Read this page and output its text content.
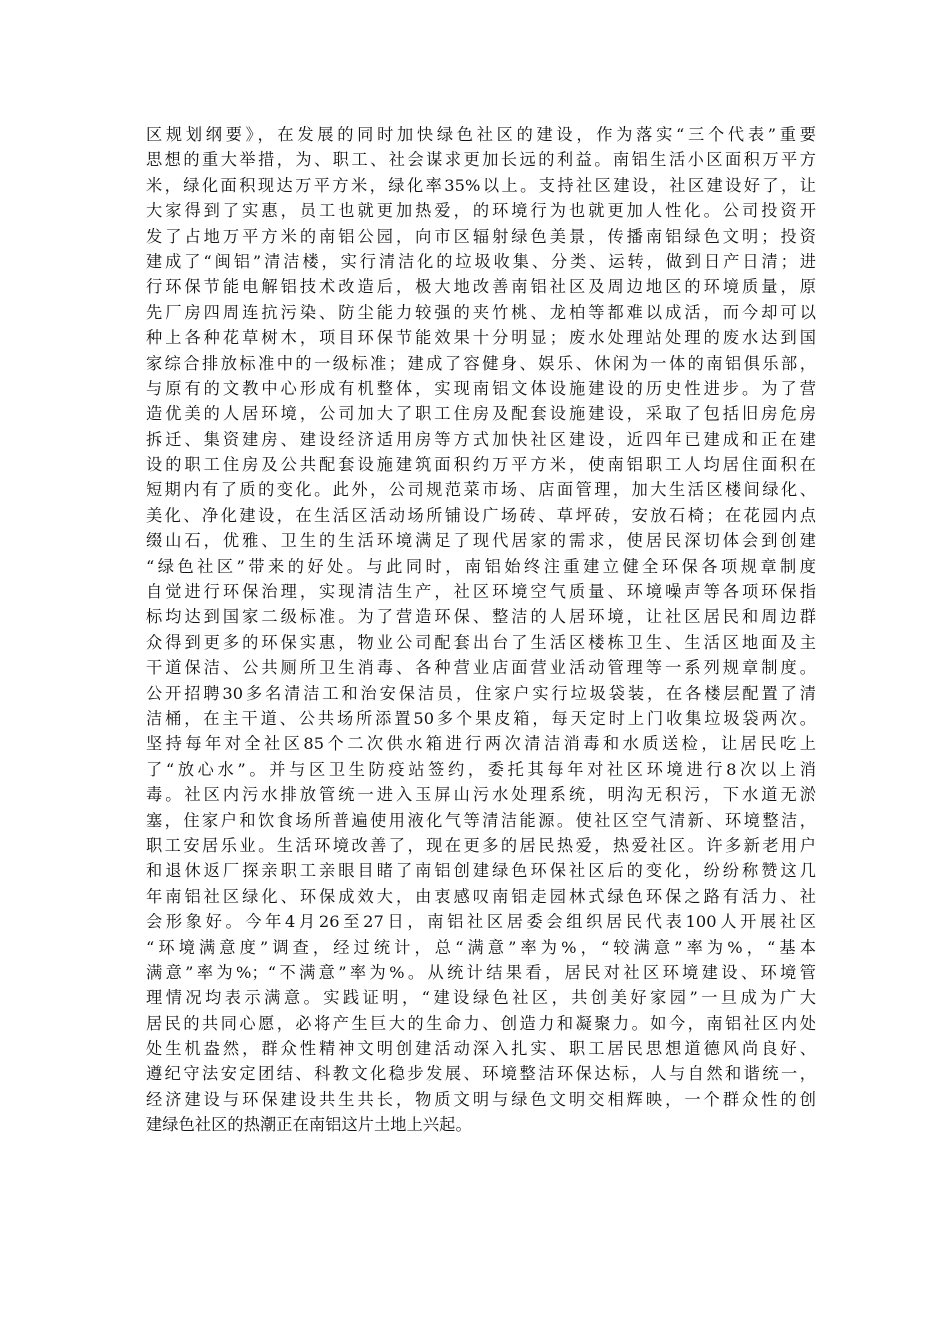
区规划纲要》，在发展的同时加快绿色社区的建设，作为落实“三个代表”重要
思想的重大举措，为、职工、社会谋求更加长远的利益。南铝生活小区面积万平方
米，绿化面积现达万平方米，绿化率35%以上。支持社区建设，社区建设好了，让
大家得到了实惠，员工也就更加热爱，的环境行为也就更加人性化。公司投资开
发了占地万平方米的南铝公园，向市区辐射绿色美景，传播南铝绿色文明；投资
建成了“闽铝”清洁楼，实行清洁化的垃圾收集、分类、运转，做到日产日清；进
行环保节能电解铝技术改造后，极大地改善南铝社区及周边地区的环境质量，原
先厂房四周连抗污染、防尘能力较强的夹竹桃、龙柏等都难以成活，而今却可以
种上各种花草树木，项目环保节能效果十分明显；废水处理站处理的废水达到国
家综合排放标准中的一级标准；建成了容健身、娱乐、休闲为一体的南铝俱乐部，
与原有的文教中心形成有机整体，实现南铝文体设施建设的历史性进步。为了营
造优美的人居环境，公司加大了职工住房及配套设施建设，采取了包括旧房危房
拆迁、集资建房、建设经济适用房等方式加快社区建设，近四年已建成和正在建
设的职工住房及公共配套设施建筑面积约万平方米，使南铝职工人均居住面积在
短期内有了质的变化。此外，公司规范菜市场、店面管理，加大生活区楼间绿化、
美化、净化建设，在生活区活动场所铺设广场砖、草坪砖，安放石椅；在花园内点
缀山石，优雅、卫生的生活环境满足了现代居家的需求，使居民深切体会到创建
“绿色社区”带来的好处。与此同时，南铝始终注重建立健全环保各项规章制度
自觉进行环保治理，实现清洁生产，社区环境空气质量、环境噪声等各项环保指
标均达到国家二级标准。为了营造环保、整洁的人居环境，让社区居民和周边群
众得到更多的环保实惠，物业公司配套出台了生活区楼栋卫生、生活区地面及主
干道保洁、公共厕所卫生消毒、各种营业店面营业活动管理等一系列规章制度。
公开招聘30多名清洁工和治安保洁员，住家户实行垃圾袋装，在各楼层配置了清
洁桶，在主干道、公共场所添置50多个果皮箱，每天定时上门收集垃圾袋两次。
坚持每年对全社区85个二次供水箱进行两次清洁消毒和水质送检，让居民吃上
了“放心水”。并与区卫生防疫站签约，委托其每年对社区环境进行8次以上消
毒。社区内污水排放管统一进入玉屏山污水处理系统，明沟无积污，下水道无淤
塞，住家户和饮食场所普遍使用液化气等清洁能源。使社区空气清新、环境整洁，
职工安居乐业。生活环境改善了，现在更多的居民热爱，热爱社区。许多新老用户
和退休返厂探亲职工亲眼目睹了南铝创建绿色环保社区后的变化，纷纷称赞这几
年南铝社区绿化、环保成效大，由衷感叹南铝走园林式绿色环保之路有活力、社
会形象好。今年4月26至27日，南铝社区居委会组织居民代表100人开展社区
“环境满意度”调查，经过统计，总“满意”率为%，“较满意”率为%，“基本
满意”率为%；“不满意”率为%。从统计结果看，居民对社区环境建设、环境管
理情况均表示满意。实践证明，“建设绿色社区，共创美好家园”一旦成为广大
居民的共同心愿，必将产生巨大的生命力、创造力和凝聚力。如今，南铝社区内处
处生机盎然，群众性精神文明创建活动深入扎实、职工居民思想道德风尚良好、
遵纪守法安定团结、科教文化稳步发展、环境整洁环保达标，人与自然和谐统一，
经济建设与环保建设共生共长，物质文明与绿色文明交相辉映，一个群众性的创
建绿色社区的热潮正在南铝这片土地上兴起。
